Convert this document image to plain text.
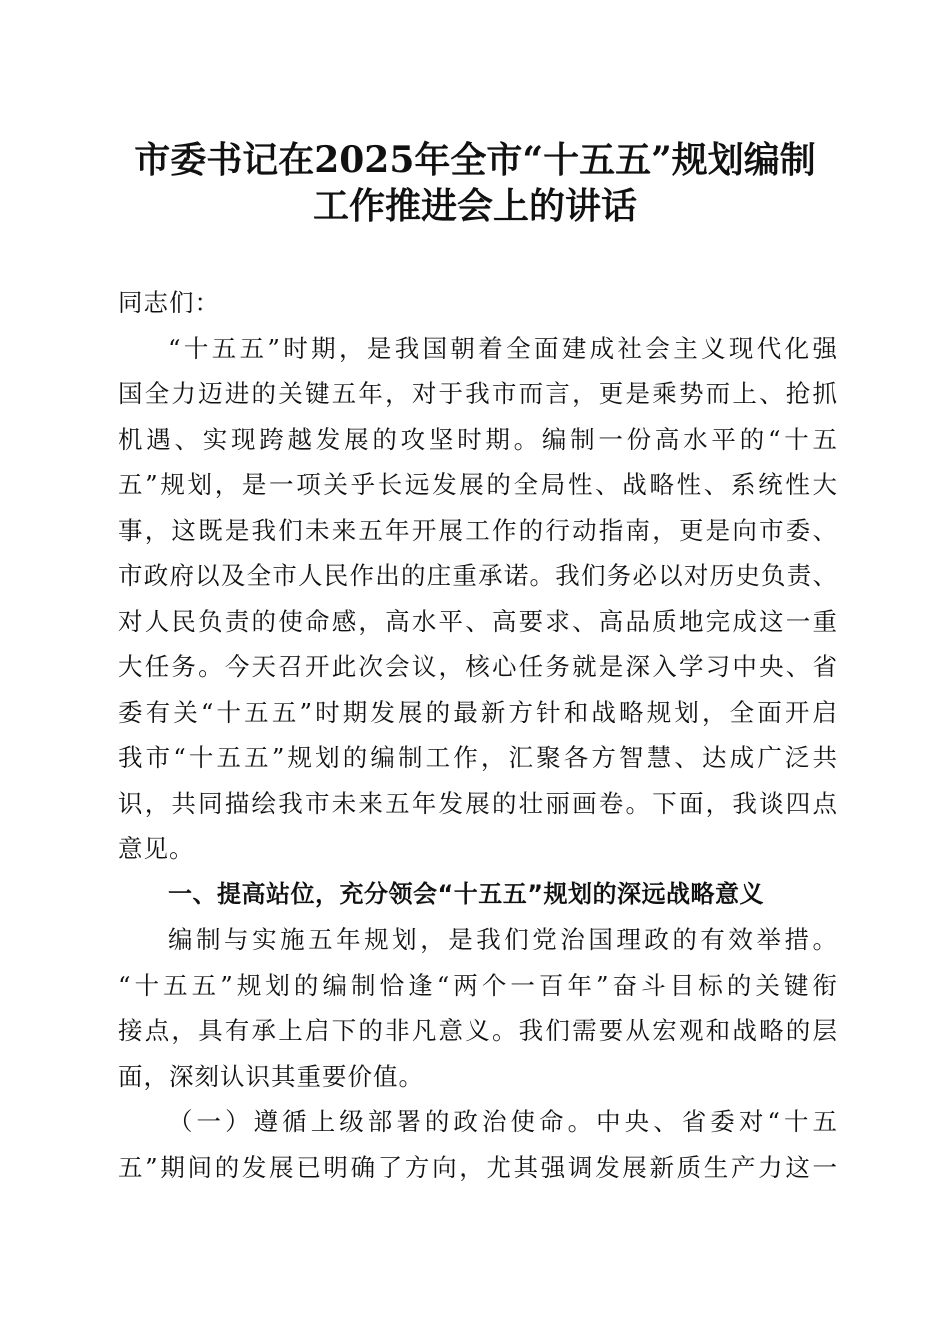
市委书记在2025年全市“十五五”规划编制
工作推进会上的讲话
同志们：
“十五五”时期，是我国朝着全面建成社会主义现代化强
国全力迈进的关键五年，对于我市而言，更是乘势而上、抢抓
机遇、实现跨越发展的攻坚时期。编制一份高水平的“十五
五”规划，是一项关乎长远发展的全局性、战略性、系统性大
事，这既是我们未来五年开展工作的行动指南，更是向市委、
市政府以及全市人民作出的庄重承诺。我们务必以对历史负责、
对人民负责的使命感，高水平、高要求、高品质地完成这一重
大任务。今天召开此次会议，核心任务就是深入学习中央、省
委有关“十五五”时期发展的最新方针和战略规划，全面开启
我市“十五五”规划的编制工作，汇聚各方智慧、达成广泛共
识，共同描绘我市未来五年发展的壮丽画卷。下面，我谈四点
意见。
一、提高站位，充分领会“十五五”规划的深远战略意义
编制与实施五年规划，是我们党治国理政的有效举措。
“十五五”规划的编制恰逢“两个一百年”奋斗目标的关键衔
接点，具有承上启下的非凡意义。我们需要从宏观和战略的层
面，深刻认识其重要价值。
（一）遵循上级部署的政治使命。中央、省委对“十五
五”期间的发展已明确了方向，尤其强调发展新质生产力这一
